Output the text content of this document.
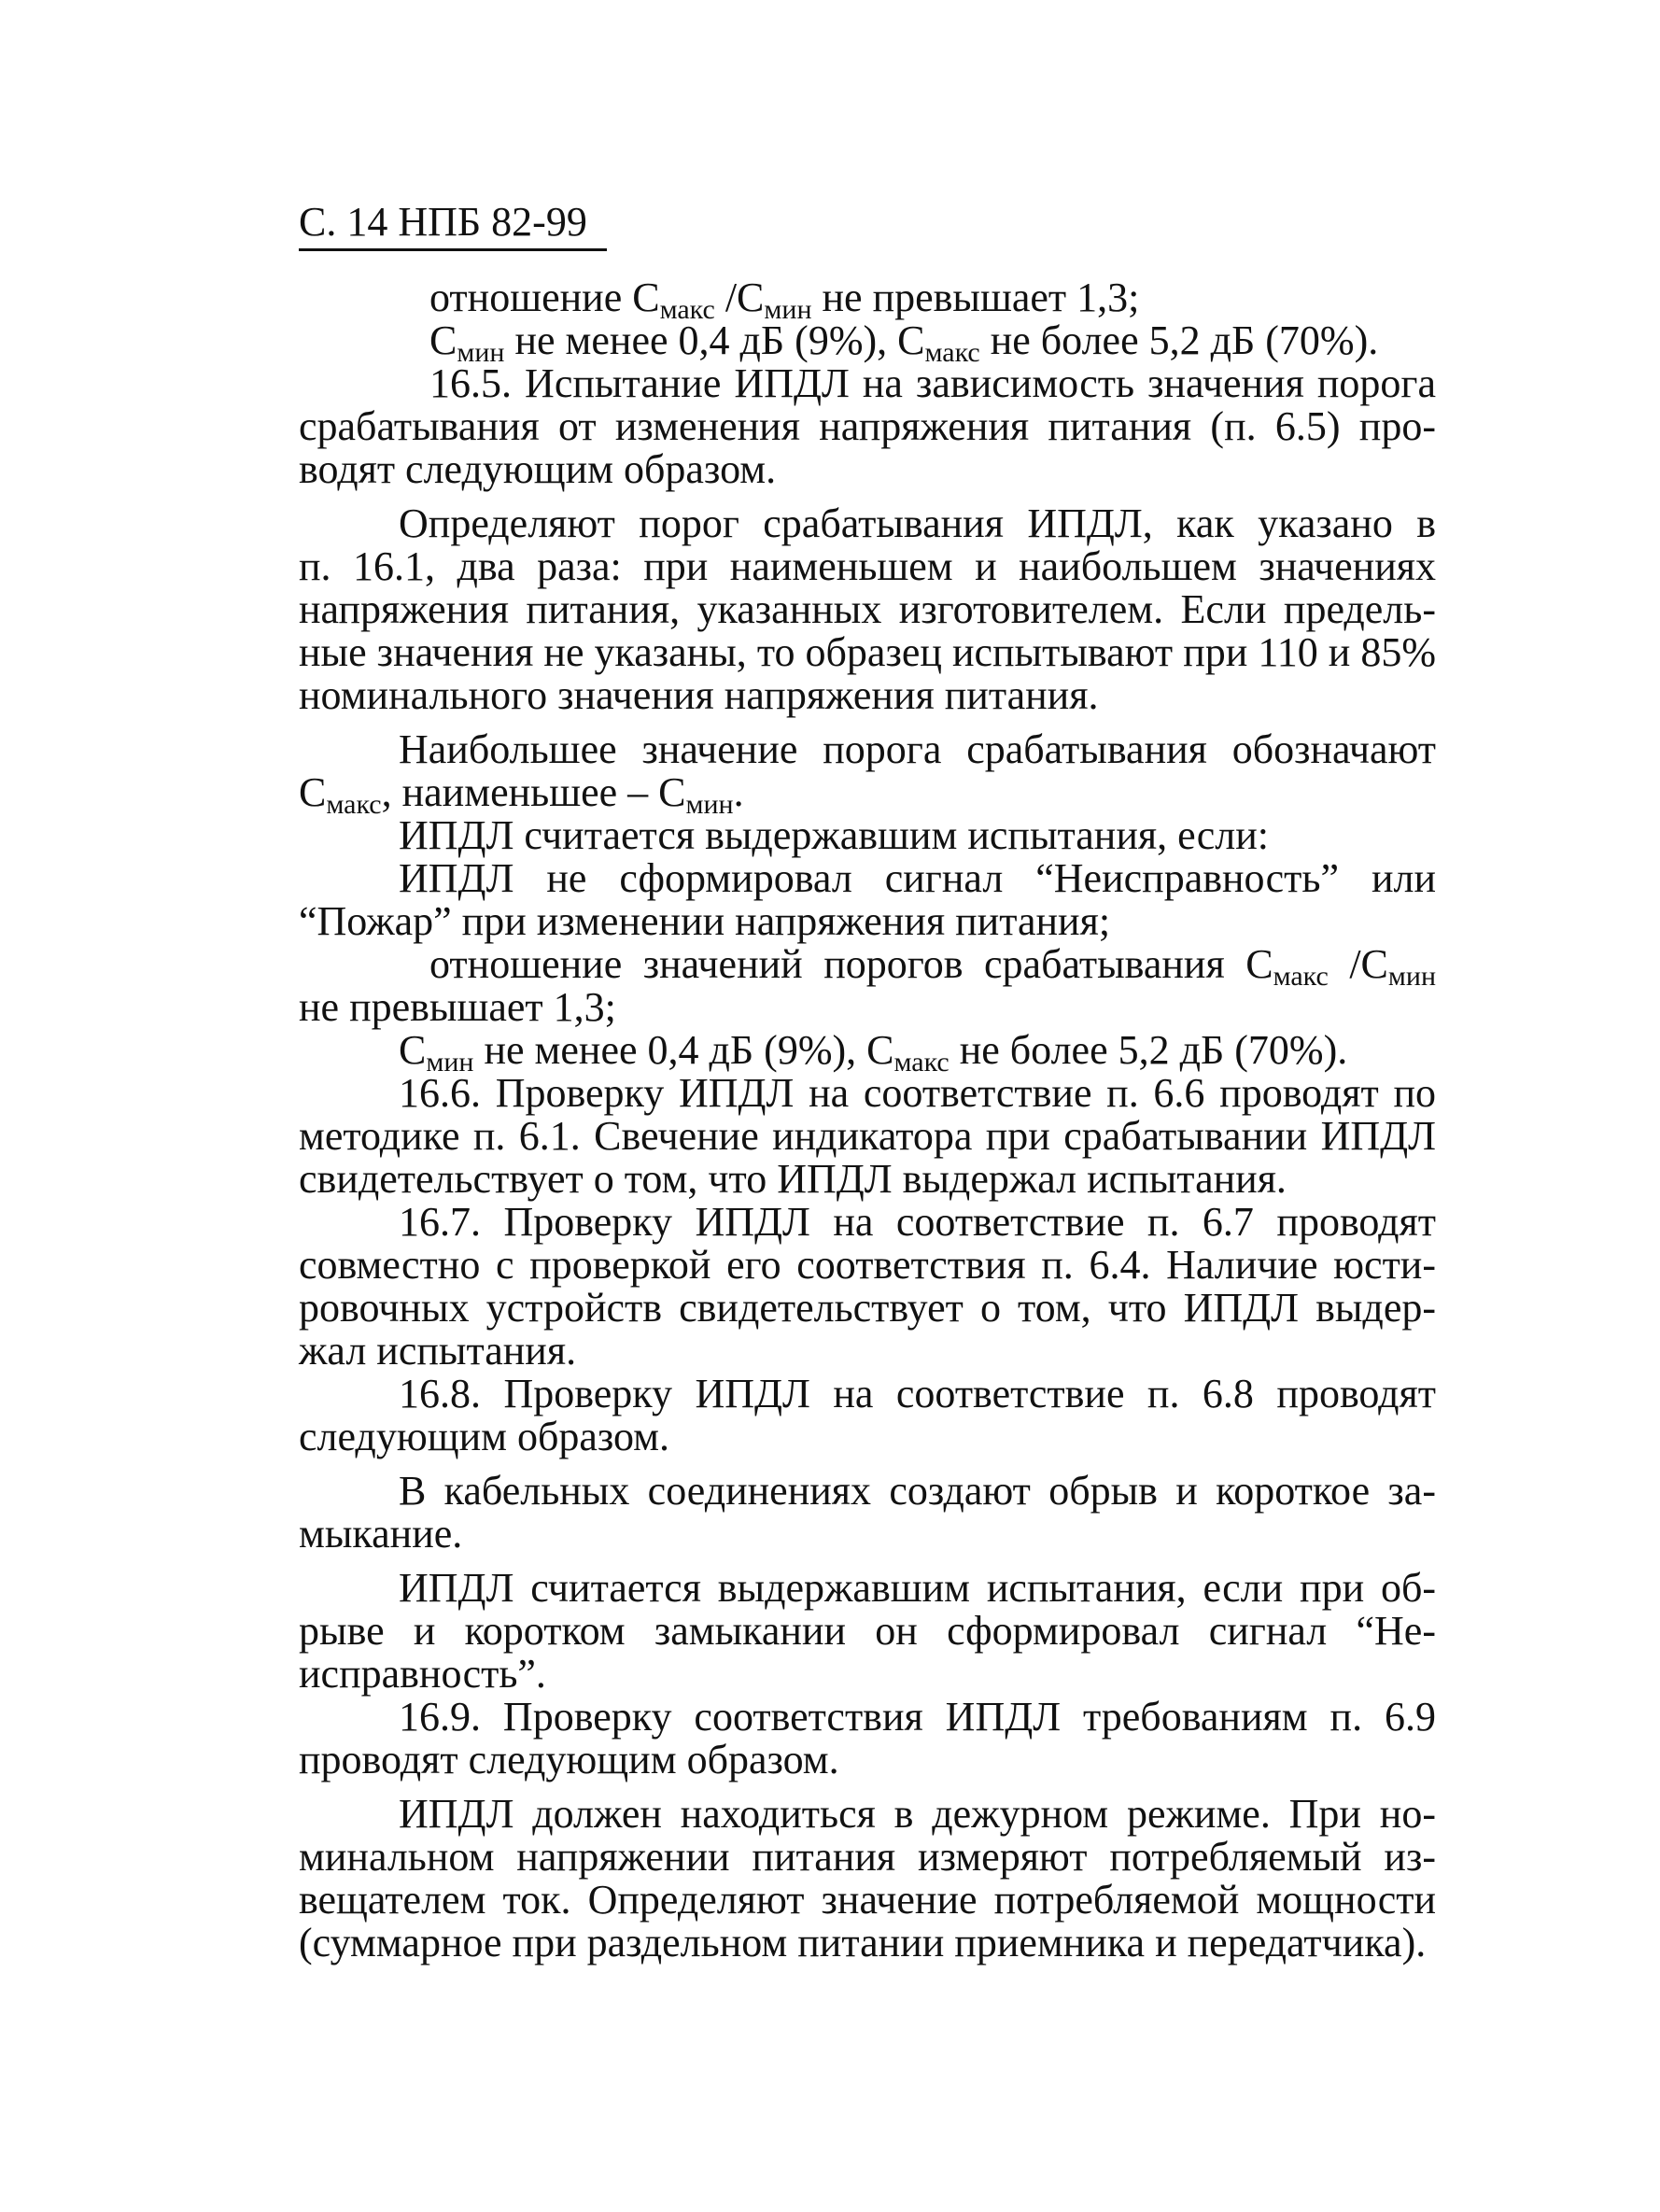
С. 14 НПБ 82-99
отношение $С_{макс}$ $/С_{мин}$ не превышает 1,3;
$С_{мин}$ не менее 0,4 дБ (9%), $С_{макс}$ не более 5,2 дБ (70%).
16.5. Испытание ИПДЛ на зависимость значения порога
срабатывания от изменения напряжения питания (п. 6.5) про-
водят следующим образом.
Определяют порог срабатывания ИПДЛ, как указано в
п. 16.1, два раза: при наименьшем и наибольшем значениях
напряжения питания, указанных изготовителем. Если предель-
ные значения не указаны, то образец испытывают при 110 и 85%
номинального значения напряжения питания.
Наибольшее значение порога срабатывания обозначают
$С_{макс}$, наименьшее – $С_{мин}$.
ИПДЛ считается выдержавшим испытания, если:
ИПДЛ не сформировал сигнал “Неисправность” или
“Пожар” при изменении напряжения питания;
отношение значений порогов срабатывания $С_{макс}$ $/С_{мин}$
не превышает 1,3;
$С_{мин}$ не менее 0,4 дБ (9%), $С_{макс}$ не более 5,2 дБ (70%).
16.6. Проверку ИПДЛ на соответствие п. 6.6 проводят по
методике п. 6.1. Свечение индикатора при срабатывании ИПДЛ
свидетельствует о том, что ИПДЛ выдержал испытания.
16.7. Проверку ИПДЛ на соответствие п. 6.7 проводят
совместно с проверкой его соответствия п. 6.4. Наличие юсти-
ровочных устройств свидетельствует о том, что ИПДЛ выдер-
жал испытания.
16.8. Проверку ИПДЛ на соответствие п. 6.8 проводят
следующим образом.
В кабельных соединениях создают обрыв и короткое за-
мыкание.
ИПДЛ считается выдержавшим испытания, если при об-
рыве и коротком замыкании он сформировал сигнал “Не-
исправность”.
16.9. Проверку соответствия ИПДЛ требованиям п. 6.9
проводят следующим образом.
ИПДЛ должен находиться в дежурном режиме. При но-
минальном напряжении питания измеряют потребляемый из-
вещателем ток. Определяют значение потребляемой мощности
(суммарное при раздельном питании приемника и передатчика).
